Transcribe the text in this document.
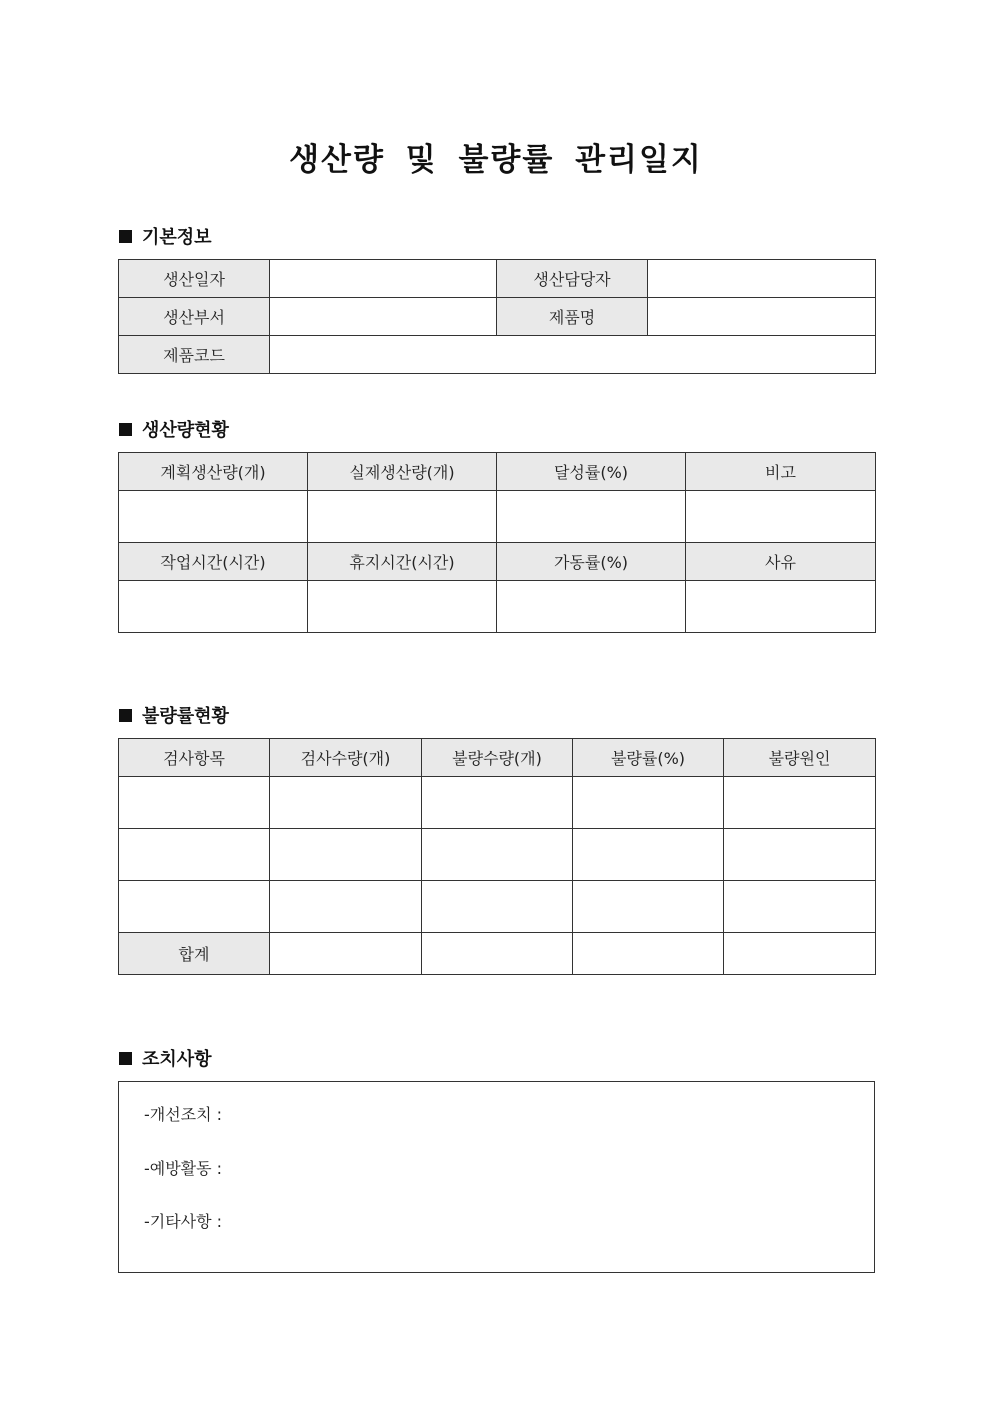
생산량 및 불량률 관리일지
기본정보
생산일자		생산담당자	
생산부서		제품명	
제품코드			
생산량현황
계획생산량(개)	실제생산량(개)	달성률(%)	비고

작업시간(시간)	휴지시간(시간)	가동률(%)	사유

불량률현황
검사항목	검사수량(개)	불량수량(개)	불량률(%)	불량원인

합계				
조치사항
-개선조치 :
-예방활동 :
-기타사항 :
